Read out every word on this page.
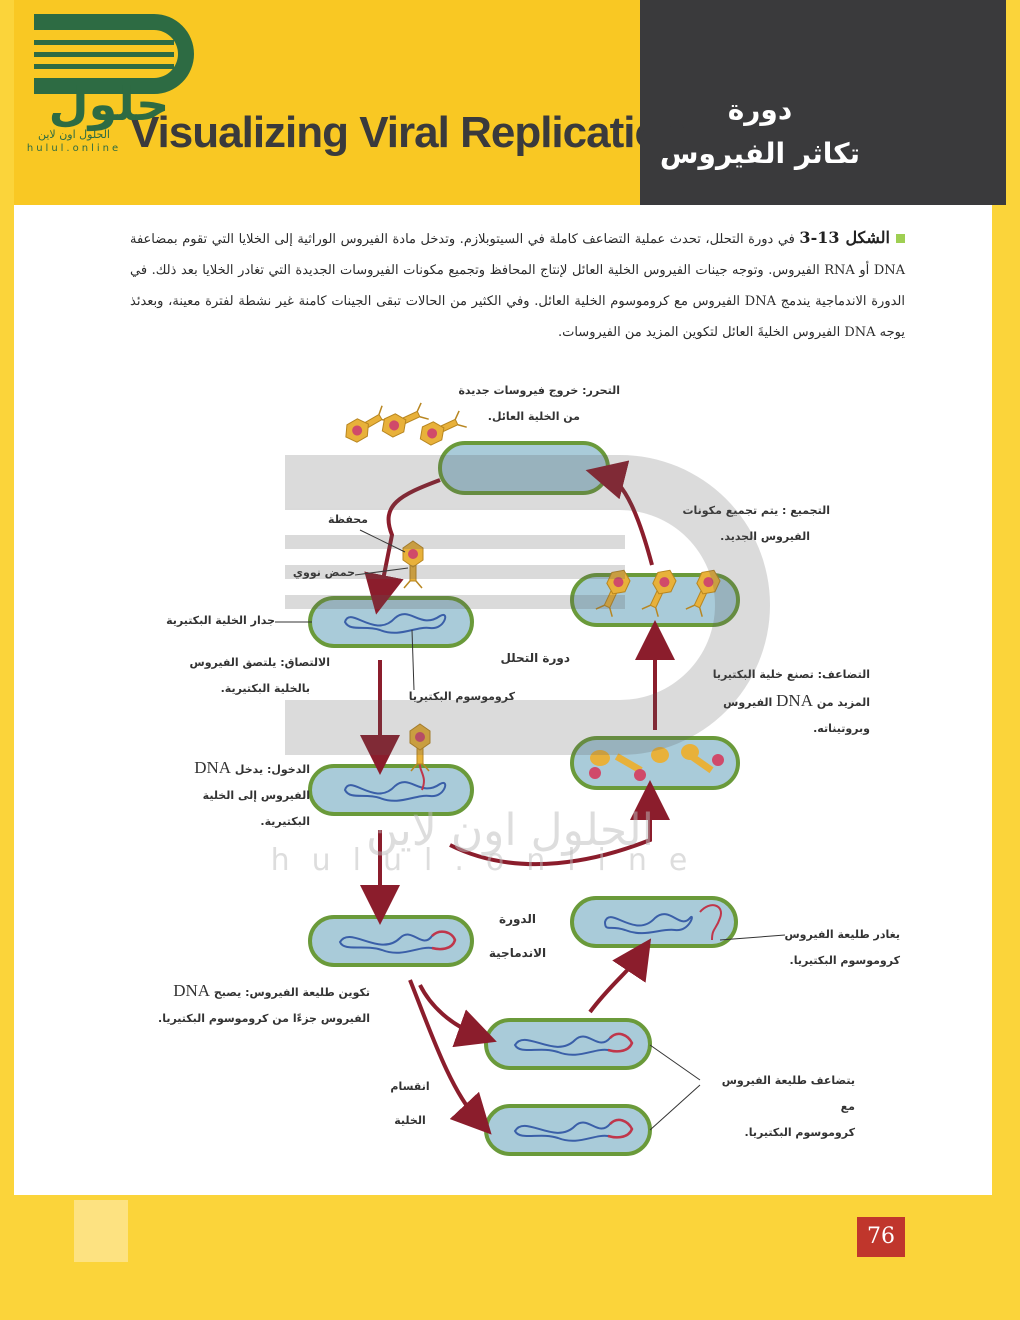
Visualizing Viral Replication	دورة
تكاثر الفيروس
حلول
الحلول اون لاين
hulul.online
الشكل 13-3 في دورة التحلل، تحدث عملية التضاعف كاملة في السيتوبلازم. وتدخل مادة الفيروس الوراثية إلى الخلايا التي تقوم بمضاعفة DNA أو RNA الفيروس. وتوجه جينات الفيروس الخلية العائل لإنتاج المحافظ وتجميع مكونات الفيروسات الجديدة التي تغادر الخلايا بعد ذلك. في الدورة الاندماجية يندمج DNA الفيروس مع كروموسوم الخلية العائل. وفي الكثير من الحالات تبقى الجينات كامنة غير نشطة لفترة معينة، وبعدئذ يوجه DNA الفيروس الخليةَ العائل لتكوين المزيد من الفيروسات.
التحرر: خروج فيروسات جديدة
من الخلية العائل.
التجميع : يتم تجميع مكونات
الفيروس الجديد.
محفظة
حمض نووي
جدار الخلية البكتيرية
دورة التحلل
الالتصاق: يلتصق الفيروس
بالخلية البكتيرية.
كروموسوم البكتيريا
التضاعف: تصنع خلية البكتيريا
المزيد من DNA الفيروس
وبروتيناته.
الدخول: يدخل DNA
الفيروس إلى الخلية البكتيرية.
الدورة
الاندماجية
يغادر طليعة الفيروس
كروموسوم البكتيريا.
تكوين طليعة الفيروس: يصبح DNA
الفيروس جزءًا من كروموسوم البكتيريا.
انقسام
الخلية
يتضاعف طليعة الفيروس مع
كروموسوم البكتيريا.
الحلول اون لاين
hulul.online
76
